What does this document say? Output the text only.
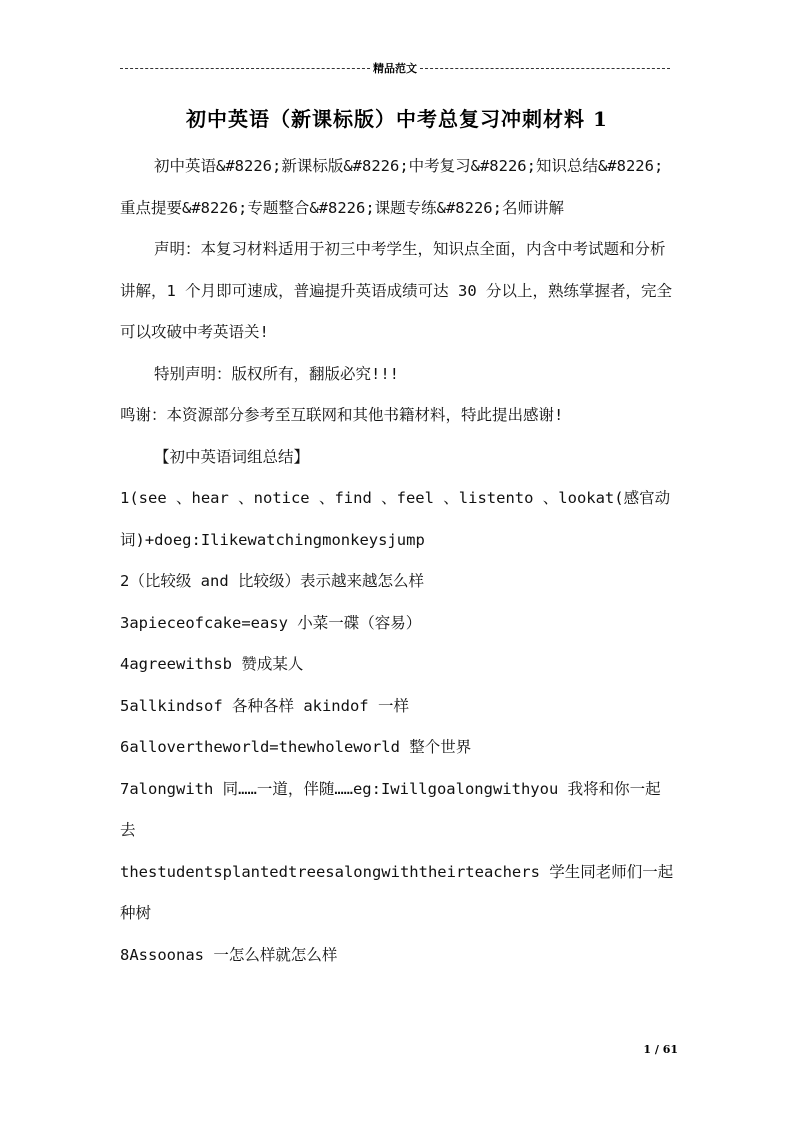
精品范文
初中英语（新课标版）中考总复习冲刺材料 1

初中英语&#8226;新课标版&#8226;中考复习&#8226;知识总结&#8226;重点提要&#8226;专题整合&#8226;课题专练&#8226;名师讲解

声明：本复习材料适用于初三中考学生，知识点全面，内含中考试题和分析讲解，1 个月即可速成，普遍提升英语成绩可达 30 分以上，熟练掌握者，完全可以攻破中考英语关!

特别声明：版权所有，翻版必究!!!

鸣谢：本资源部分参考至互联网和其他书籍材料，特此提出感谢!

【初中英语词组总结】

1(see 、hear 、notice 、find 、feel 、listento 、lookat(感官动词)+doeg:Ilikewatchingmonkeysjump

2（比较级 and 比较级）表示越来越怎么样

3apieceofcake=easy 小菜一碟（容易）

4agreewithsb 赞成某人

5allkindsof 各种各样 akindof 一样

6allovertheworld=thewholeworld 整个世界

7alongwith 同……一道，伴随……eg:Iwillgoalongwithyou 我将和你一起去

thestudentsplantedtreesalongwiththeirteachers 学生同老师们一起种树

8Assoonas 一怎么样就怎么样

1 / 61
